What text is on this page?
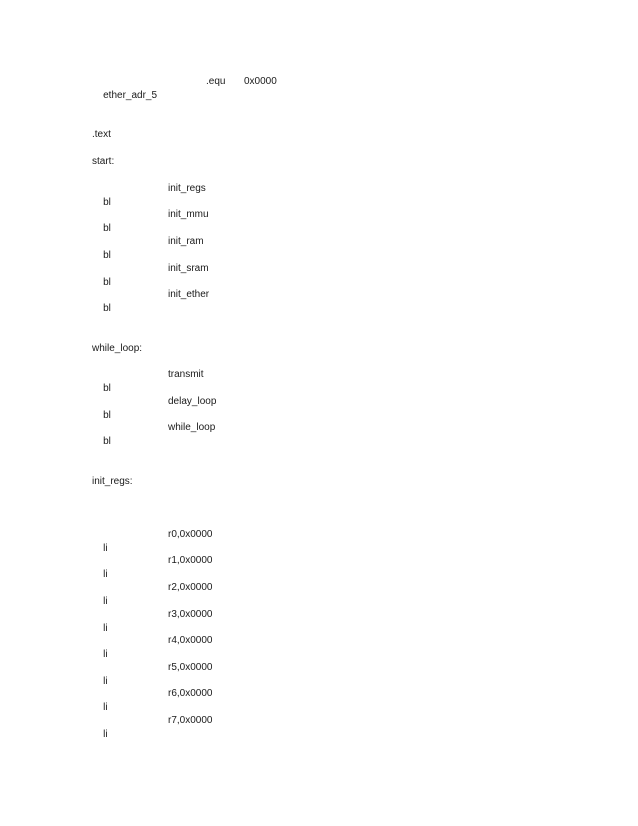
ether_adr_5

.equ

0x0000

.text
start:

bl

init_regs

bl

init_mmu

bl

init_ram

bl

init_sram

bl

init_ether

while_loop:

bl

transmit

bl

delay_loop

bl

while_loop

init_regs:

li

r0,0x0000

li

r1,0x0000

li

r2,0x0000

li

r3,0x0000

li

r4,0x0000

li

r5,0x0000

li

r6,0x0000

li

r7,0x0000
